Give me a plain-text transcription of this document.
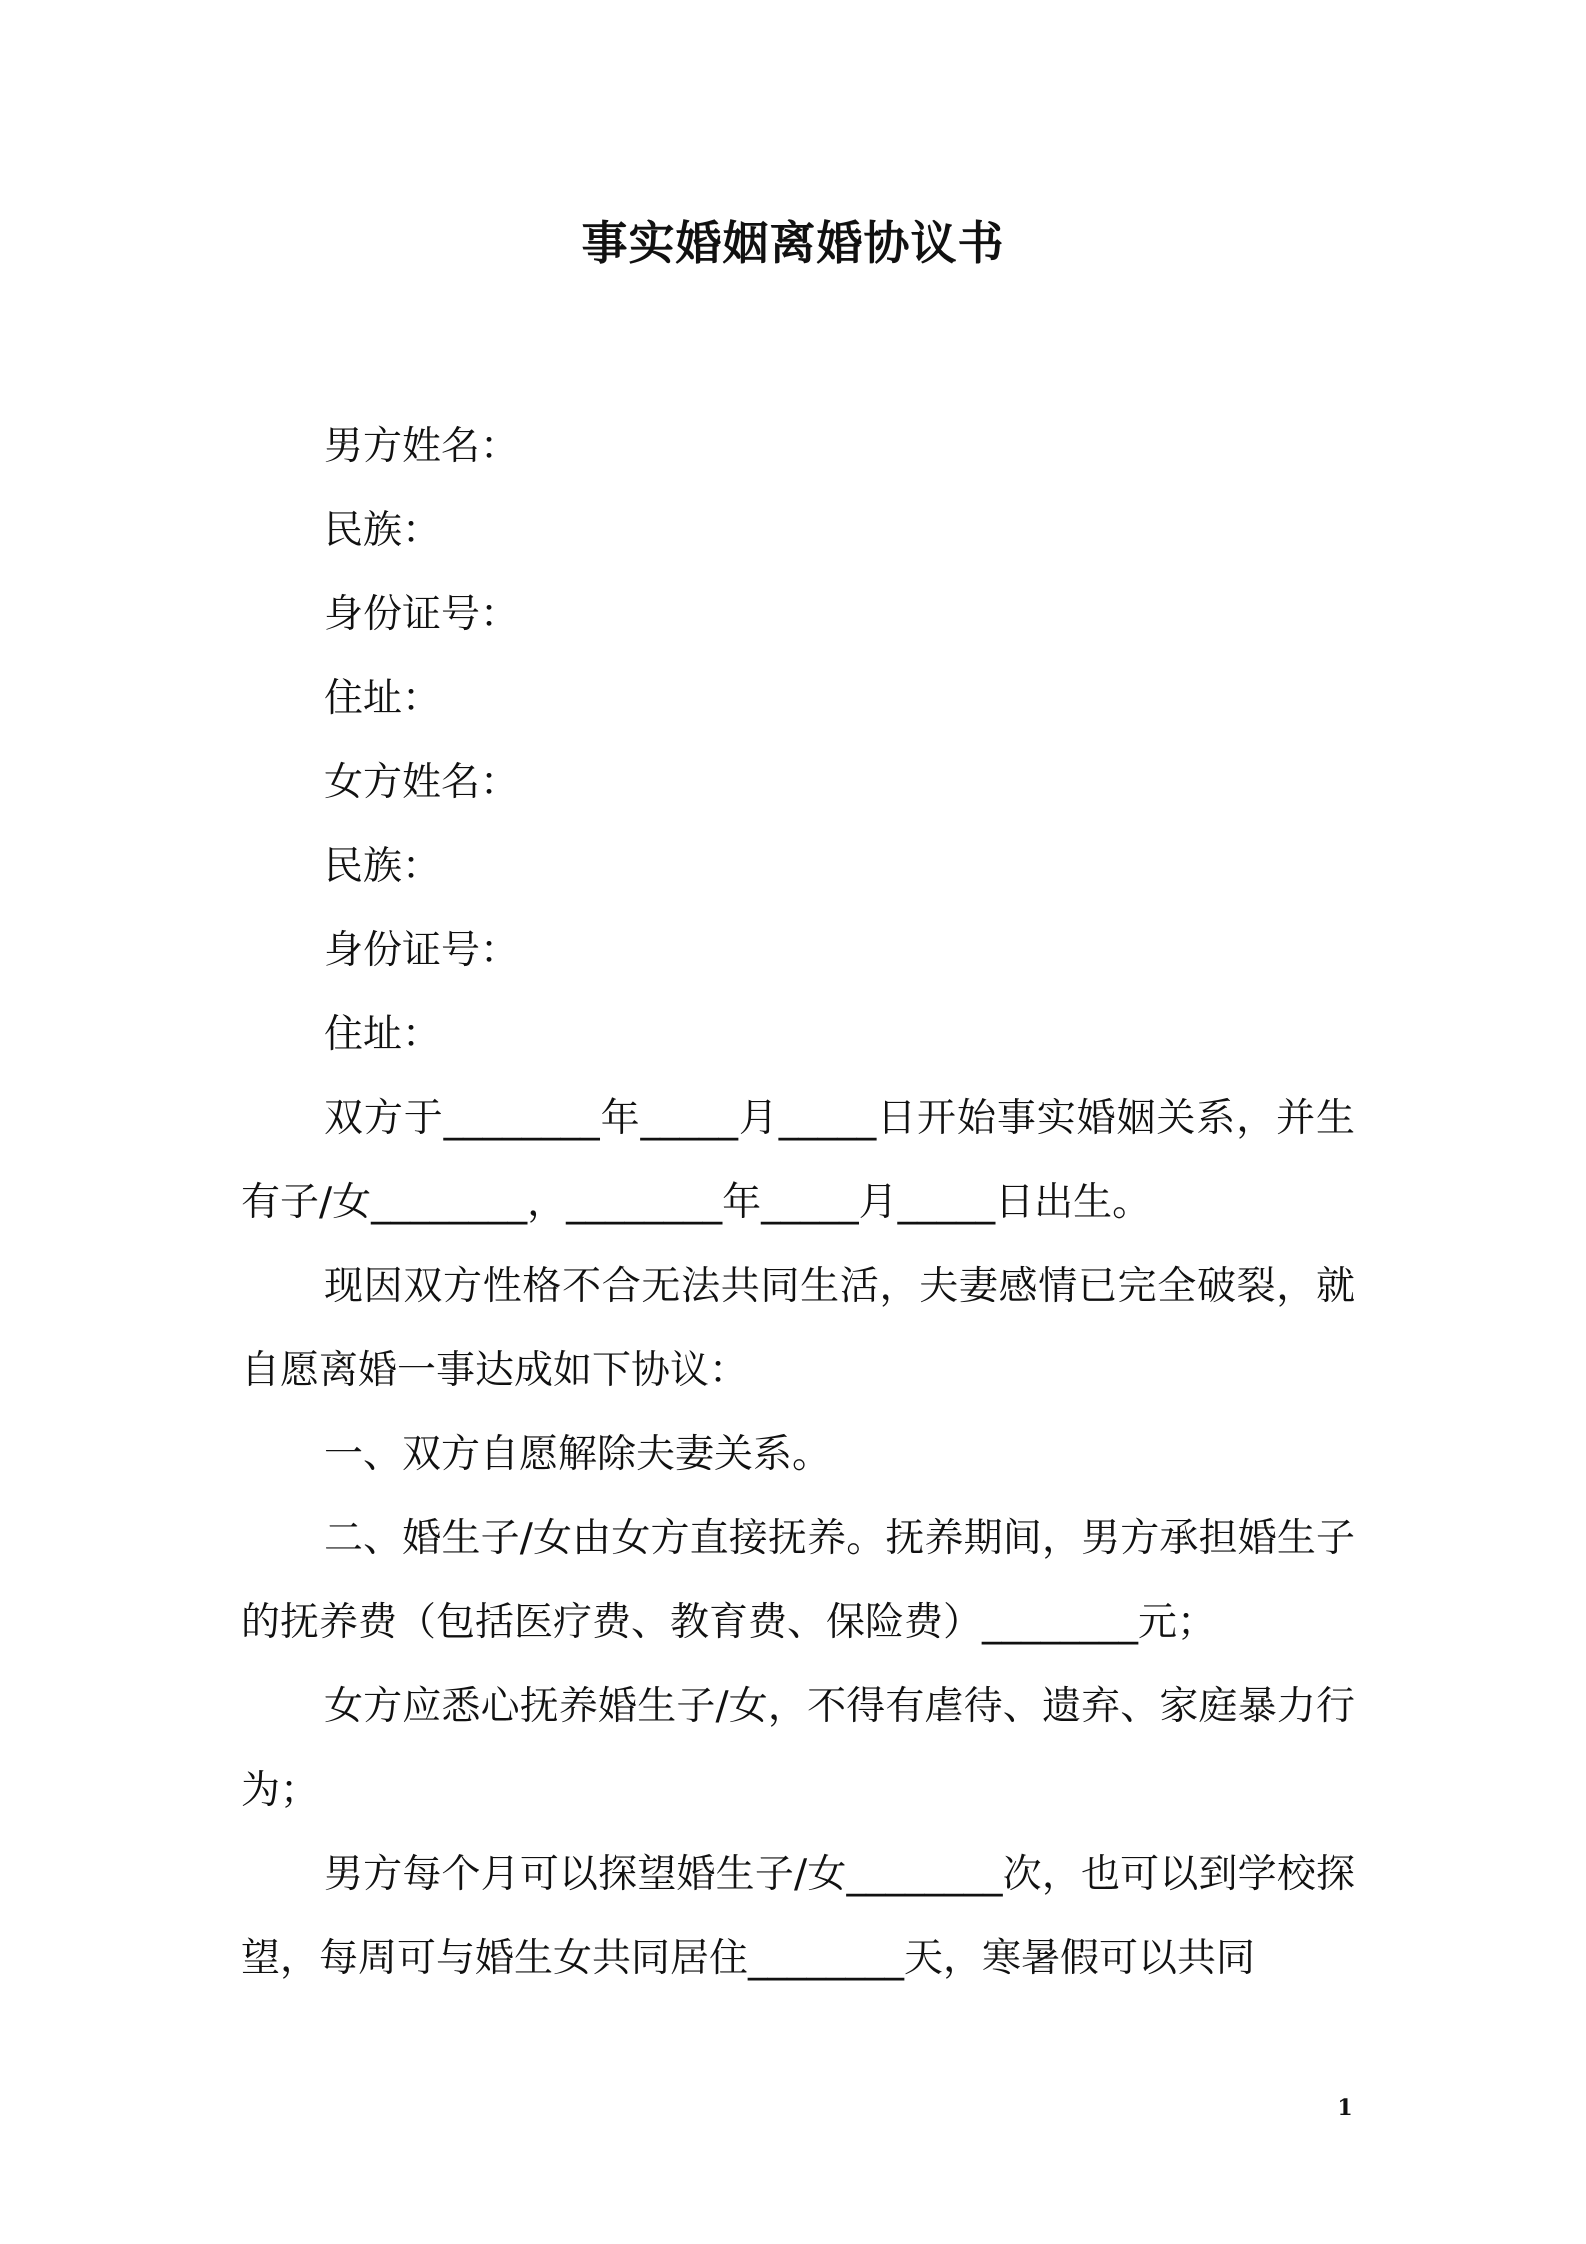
事实婚姻离婚协议书
男方姓名：
民族：
身份证号：
住址：
女方姓名：
民族：
身份证号：
住址：
双方于________年_____月_____日开始事实婚姻关系，并生有子/女________，________年_____月_____日出生。
现因双方性格不合无法共同生活，夫妻感情已完全破裂，就自愿离婚一事达成如下协议：
一、双方自愿解除夫妻关系。
二、婚生子/女由女方直接抚养。抚养期间，男方承担婚生子的抚养费（包括医疗费、教育费、保险费）________元；
女方应悉心抚养婚生子/女，不得有虐待、遗弃、家庭暴力行为；
男方每个月可以探望婚生子/女________次，也可以到学校探望，每周可与婚生女共同居住________天，寒暑假可以共同
1
